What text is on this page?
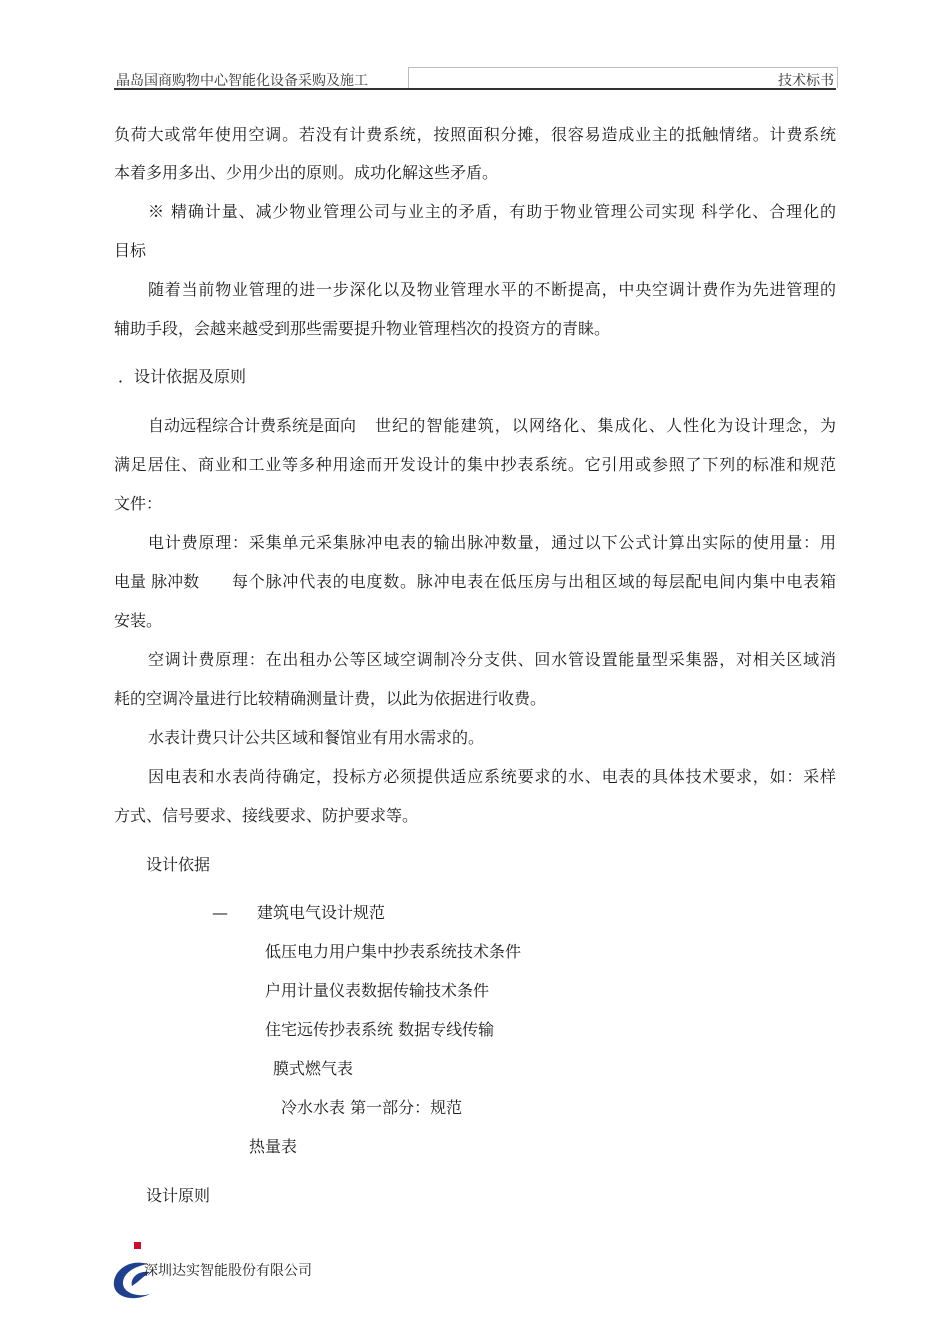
晶岛国商购物中心智能化设备采购及施工	技术标书
负荷大或常年使用空调。若没有计费系统，按照面积分摊，很容易造成业主的抵触情绪。计费系统
本着多用多出、少用少出的原则。成功化解这些矛盾。
※ 精确计量、减少物业管理公司与业主的矛盾，有助于物业管理公司实现 科学化、合理化的
目标
随着当前物业管理的进一步深化以及物业管理水平的不断提高，中央空调计费作为先进管理的
辅助手段，会越来越受到那些需要提升物业管理档次的投资方的青睐。
．设计依据及原则
自动远程综合计费系统是面向 世纪的智能建筑，以网络化、集成化、人性化为设计理念，为
满足居住、商业和工业等多种用途而开发设计的集中抄表系统。它引用或参照了下列的标准和规范
文件：
电计费原理：采集单元采集脉冲电表的输出脉冲数量，通过以下公式计算出实际的使用量：用
电量 脉冲数 每个脉冲代表的电度数。脉冲电表在低压房与出租区域的每层配电间内集中电表箱
安装。
空调计费原理：在出租办公等区域空调制冷分支供、回水管设置能量型采集器，对相关区域消
耗的空调冷量进行比较精确测量计费，以此为依据进行收费。
水表计费只计公共区域和餐馆业有用水需求的。
因电表和水表尚待确定，投标方必须提供适应系统要求的水、电表的具体技术要求，如：采样
方式、信号要求、接线要求、防护要求等。
设计依据
— 建筑电气设计规范
低压电力用户集中抄表系统技术条件
户用计量仪表数据传输技术条件
住宅远传抄表系统 数据专线传输
膜式燃气表
冷水水表 第一部分：规范
热量表
设计原则
深圳达实智能股份有限公司
